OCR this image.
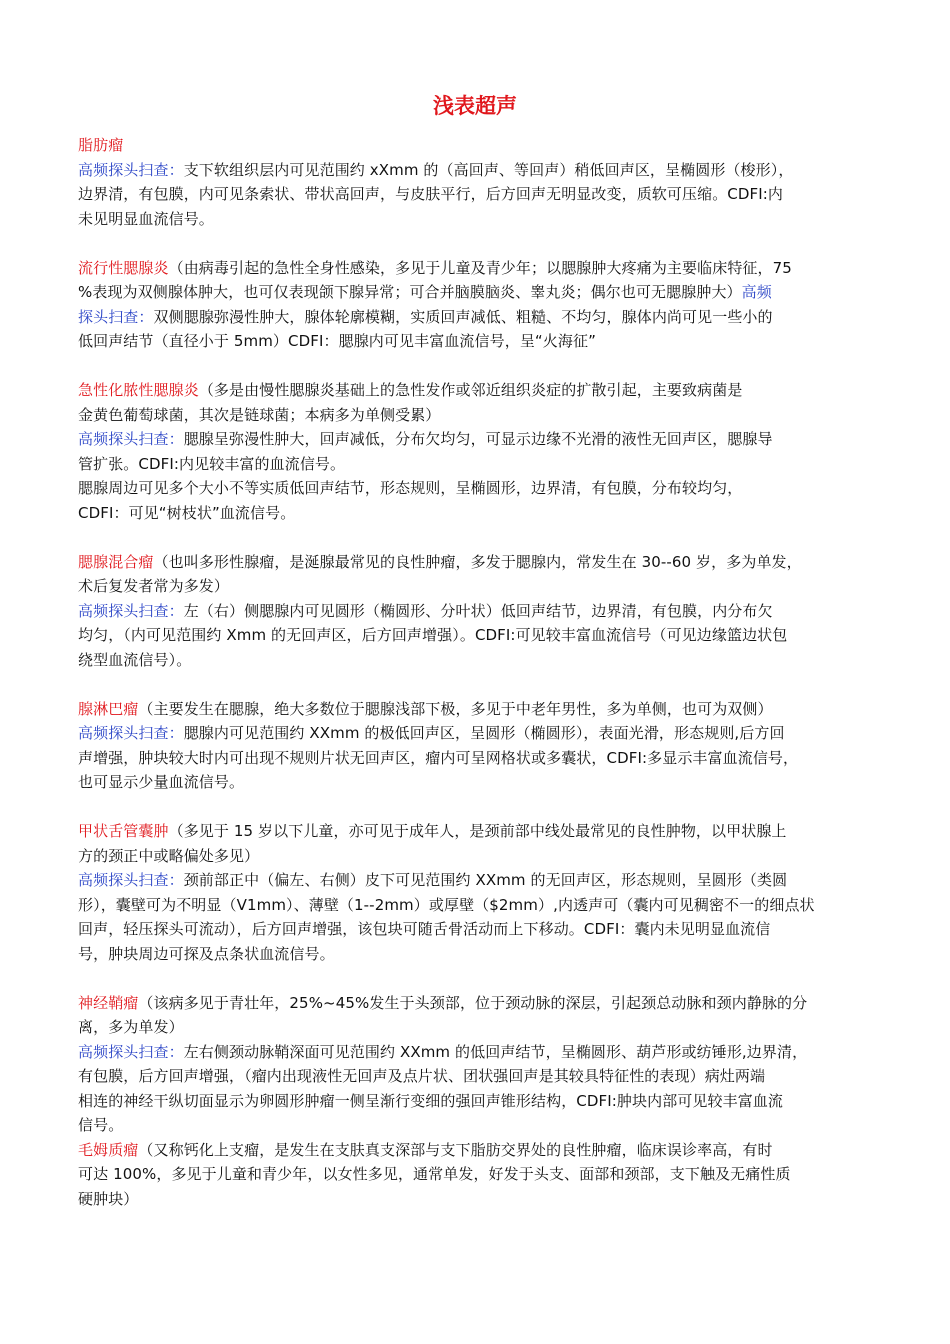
浅表超声
脂肪瘤
高频探头扫查：支下软组织层内可见范围约 xXmm 的（高回声、等回声）稍低回声区，呈椭圆形（梭形），
边界清，有包膜，内可见条索状、带状高回声，与皮肤平行，后方回声无明显改变，质软可压缩。CDFI:内
未见明显血流信号。
流行性腮腺炎（由病毒引起的急性全身性感染，多见于儿童及青少年；以腮腺肿大疼痛为主要临床特征，75
%表现为双侧腺体肿大，也可仅表现颌下腺异常；可合并脑膜脑炎、睾丸炎；偶尔也可无腮腺肿大）高频
探头扫查：双侧腮腺弥漫性肿大，腺体轮廓模糊，实质回声减低、粗糙、不均匀，腺体内尚可见一些小的
低回声结节（直径小于 5mm）CDFI：腮腺内可见丰富血流信号，呈“火海征”
急性化脓性腮腺炎（多是由慢性腮腺炎基础上的急性发作或邻近组织炎症的扩散引起，主要致病菌是
金黄色葡萄球菌，其次是链球菌；本病多为单侧受累）
高频探头扫查：腮腺呈弥漫性肿大，回声减低，分布欠均匀，可显示边缘不光滑的液性无回声区，腮腺导
管扩张。CDFI:内见较丰富的血流信号。
腮腺周边可见多个大小不等实质低回声结节，形态规则，呈椭圆形，边界清，有包膜，分布较均匀，
CDFI：可见“树枝状”血流信号。
腮腺混合瘤（也叫多形性腺瘤，是涎腺最常见的良性肿瘤，多发于腮腺内，常发生在 30--60 岁，多为单发，
术后复发者常为多发）
高频探头扫查：左（右）侧腮腺内可见圆形（椭圆形、分叶状）低回声结节，边界清，有包膜，内分布欠
均匀，（内可见范围约 Xmm 的无回声区，后方回声增强）。CDFI:可见较丰富血流信号（可见边缘篮边状包
绕型血流信号）。
腺淋巴瘤（主要发生在腮腺，绝大多数位于腮腺浅部下极，多见于中老年男性，多为单侧，也可为双侧）
高频探头扫查：腮腺内可见范围约 XXmm 的极低回声区，呈圆形（椭圆形），表面光滑，形态规则,后方回
声增强，肿块较大时内可出现不规则片状无回声区，瘤内可呈网格状或多囊状，CDFI:多显示丰富血流信号，
也可显示少量血流信号。
甲状舌管囊肿（多见于 15 岁以下儿童，亦可见于成年人，是颈前部中线处最常见的良性肿物，以甲状腺上
方的颈正中或略偏处多见）
高频探头扫查：颈前部正中（偏左、右侧）皮下可见范围约 XXmm 的无回声区，形态规则，呈圆形（类圆
形），囊壁可为不明显（V1mm）、薄壁（1--2mm）或厚壁（$2mm）,内透声可（囊内可见稠密不一的细点状
回声，轻压探头可流动），后方回声增强，该包块可随舌骨活动而上下移动。CDFI：囊内未见明显血流信
号，肿块周边可探及点条状血流信号。
神经鞘瘤（该病多见于青壮年，25%~45%发生于头颈部，位于颈动脉的深层，引起颈总动脉和颈内静脉的分
离，多为单发）
高频探头扫查：左右侧颈动脉鞘深面可见范围约 XXmm 的低回声结节，呈椭圆形、葫芦形或纺锤形,边界清，
有包膜，后方回声增强，（瘤内出现液性无回声及点片状、团状强回声是其较具特征性的表现）病灶两端
相连的神经干纵切面显示为卵圆形肿瘤一侧呈渐行变细的强回声锥形结构，CDFI:肿块内部可见较丰富血流
信号。
毛姆质瘤（又称钙化上支瘤，是发生在支肤真支深部与支下脂肪交界处的良性肿瘤，临床误诊率高，有时
可达 100%，多见于儿童和青少年，以女性多见，通常单发，好发于头支、面部和颈部，支下触及无痛性质
硬肿块）
